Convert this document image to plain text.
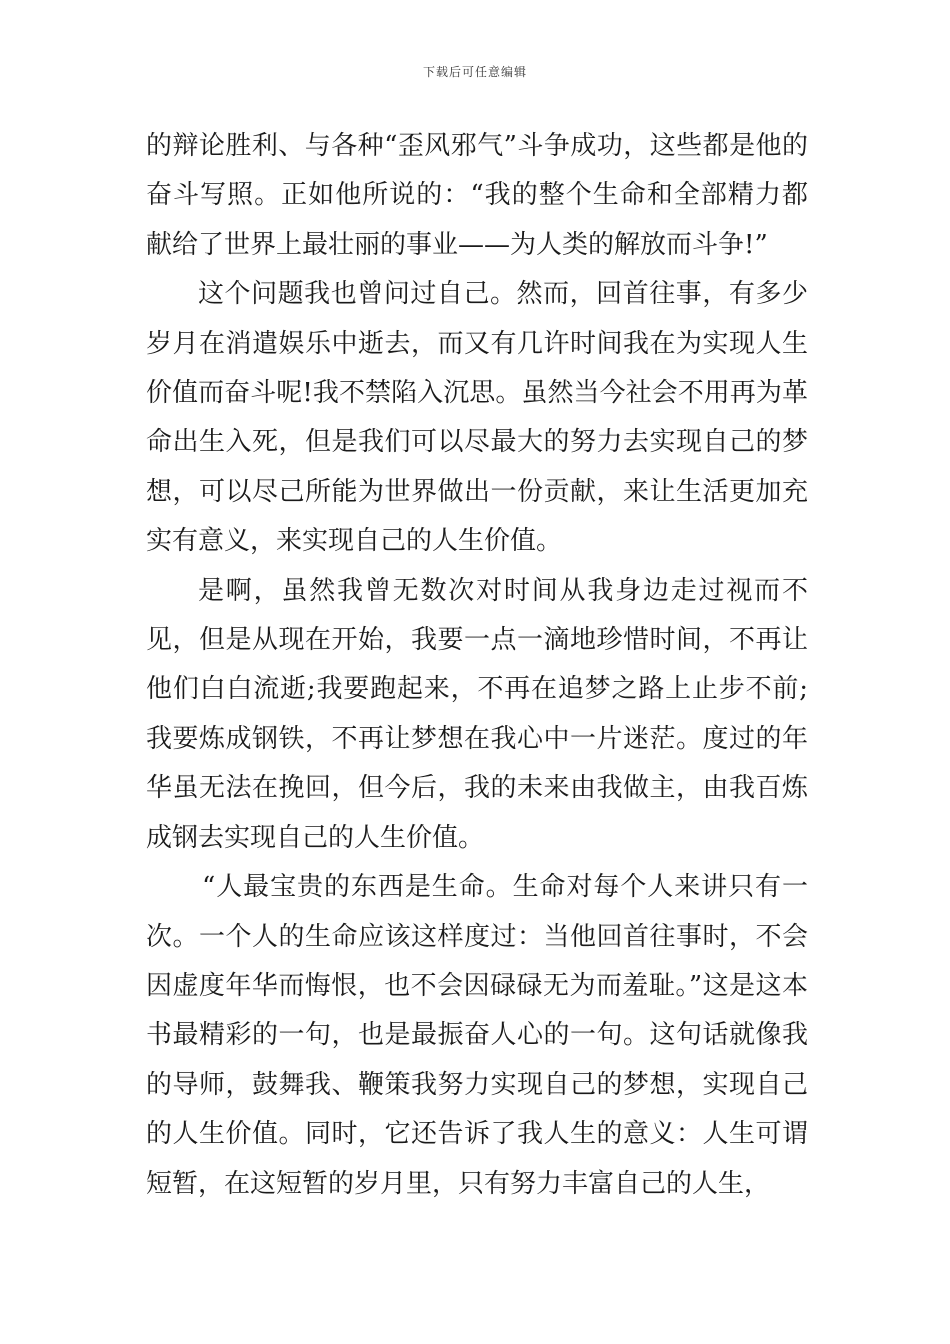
下载后可任意编辑

的辩论胜利、与各种“歪风邪气”斗争成功，这些都是他的奋斗写照。正如他所说的：“我的整个生命和全部精力都献给了世界上最壮丽的事业——为人类的解放而斗争!”

这个问题我也曾问过自己。然而，回首往事，有多少岁月在消遣娱乐中逝去，而又有几许时间我在为实现人生价值而奋斗呢!我不禁陷入沉思。虽然当今社会不用再为革命出生入死，但是我们可以尽最大的努力去实现自己的梦想，可以尽己所能为世界做出一份贡献，来让生活更加充实有意义，来实现自己的人生价值。

是啊，虽然我曾无数次对时间从我身边走过视而不见，但是从现在开始，我要一点一滴地珍惜时间，不再让他们白白流逝;我要跑起来，不再在追梦之路上止步不前;我要炼成钢铁，不再让梦想在我心中一片迷茫。度过的年华虽无法在挽回，但今后，我的未来由我做主，由我百炼成钢去实现自己的人生价值。

“人最宝贵的东西是生命。生命对每个人来讲只有一次。一个人的生命应该这样度过：当他回首往事时，不会因虚度年华而悔恨，也不会因碌碌无为而羞耻。”这是这本书最精彩的一句，也是最振奋人心的一句。这句话就像我的导师，鼓舞我、鞭策我努力实现自己的梦想，实现自己的人生价值。同时，它还告诉了我人生的意义：人生可谓短暂，在这短暂的岁月里，只有努力丰富自己的人生，
